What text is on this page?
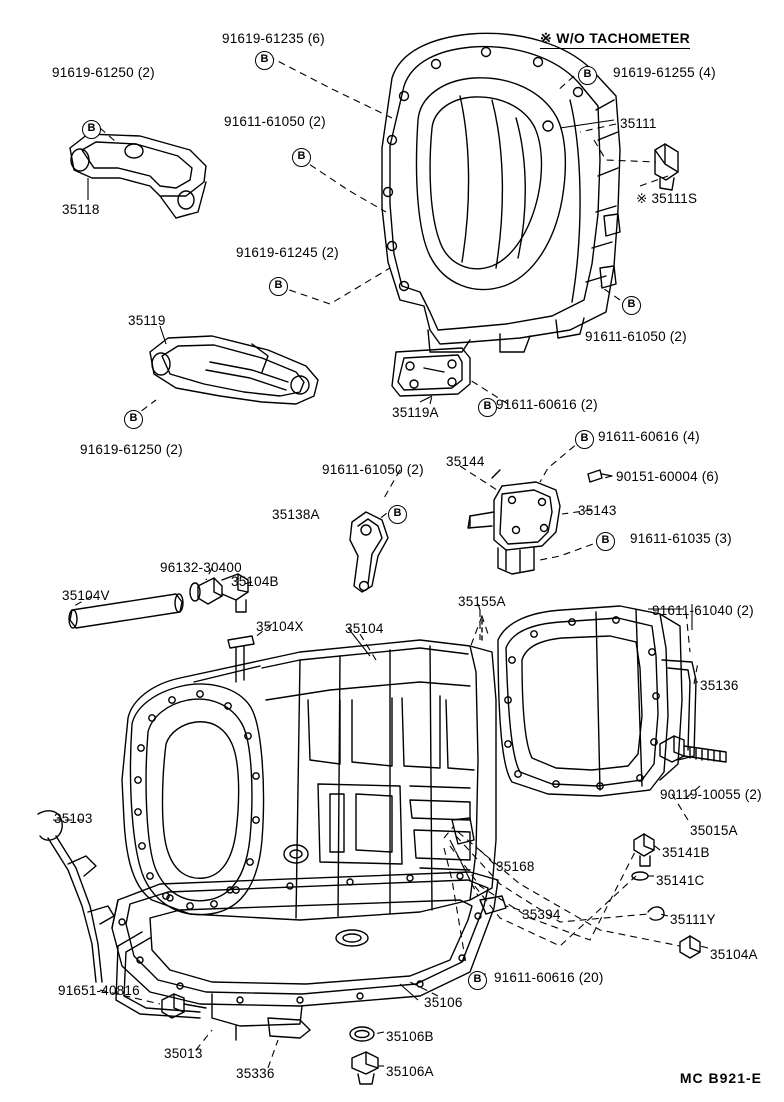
※ W/O TACHOMETER
B
B
B
B
B
B
B
B
B
B
B
B
91619-61250 (2)
91619-61235 (6)
91611-61050 (2)
35118
91619-61245 (2)
91619-61255 (4)
35111
※ 35111S
91611-61050 (2)
35119
91619-61250 (2)
35119A
91611-60616 (2)
91611-60616 (4)
90151-60004 (6)
35144
35143
91611-61035 (3)
91611-61050 (2)
35138A
96132-30400
35104B
35104V
35104X	35104
35155A
91611-61040 (2)
35136
90119-10055 (2)
35015A
35103
35141B
35141C
35111Y
35104A
35168
35394
91611-60616 (20)
35106
91651-40816
35013
35336
35106B
35106A	MC B921-E
